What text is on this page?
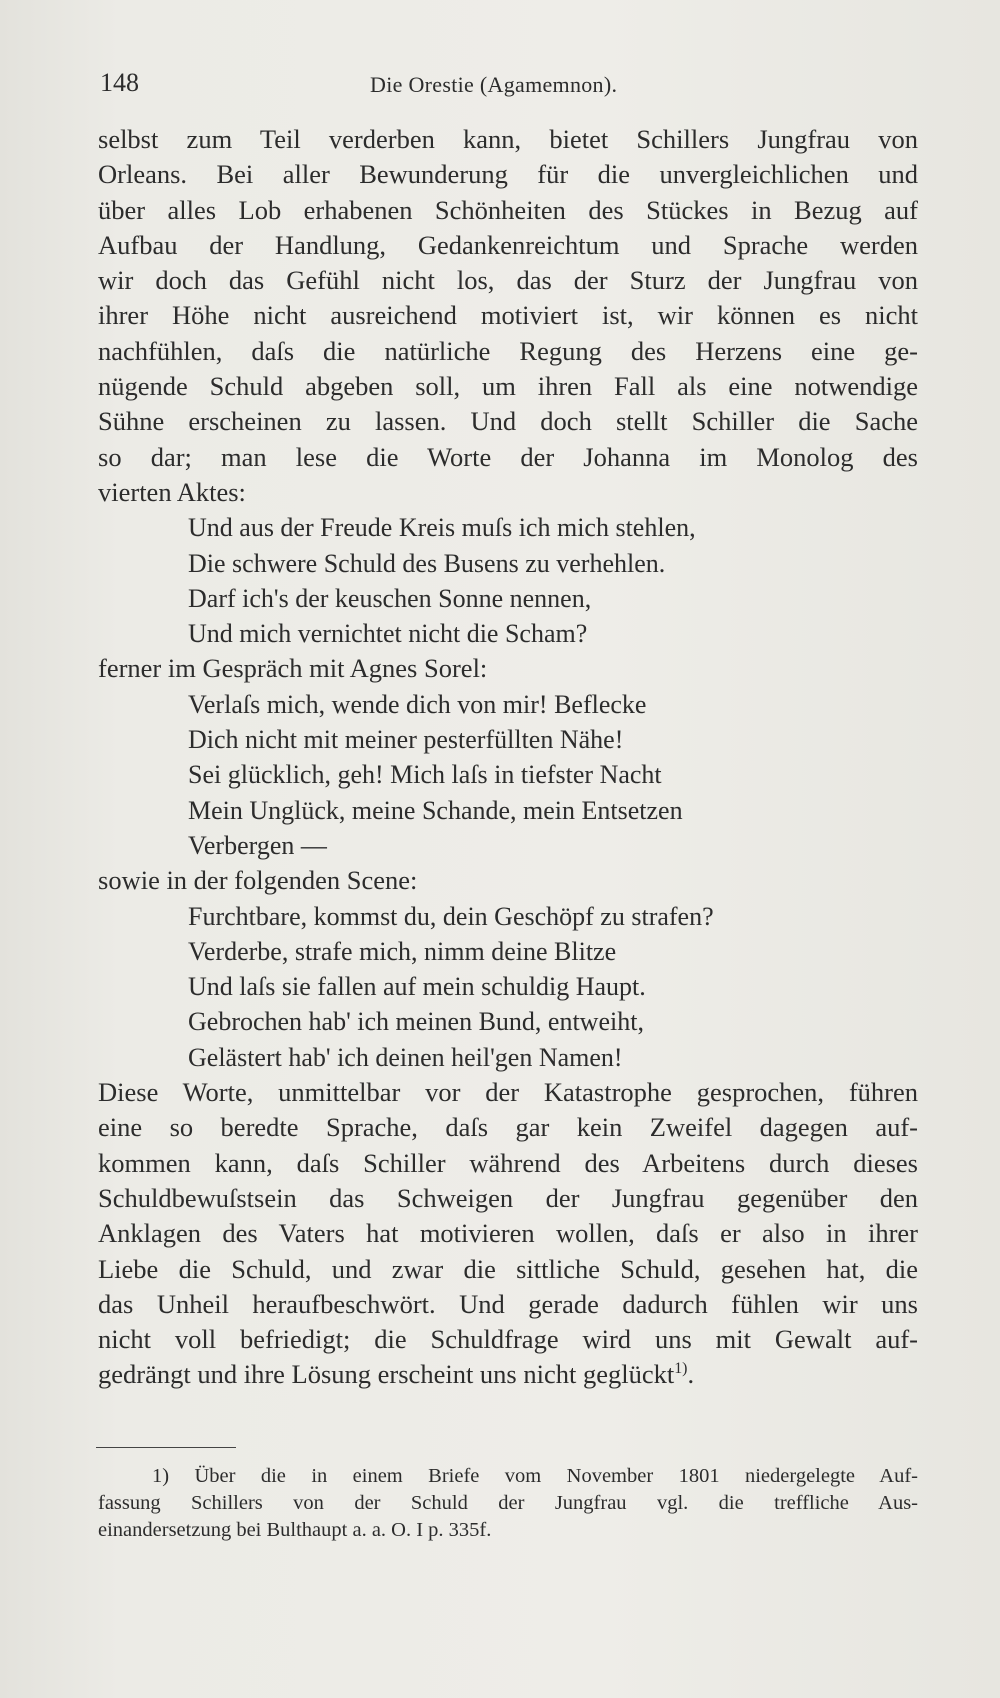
148	Die Orestie (Agamemnon).
selbst zum Teil verderben kann, bietet Schillers Jungfrau von
Orleans. Bei aller Bewunderung für die unvergleichlichen und
über alles Lob erhabenen Schönheiten des Stückes in Bezug auf
Aufbau der Handlung, Gedankenreichtum und Sprache werden
wir doch das Gefühl nicht los, das der Sturz der Jungfrau von
ihrer Höhe nicht ausreichend motiviert ist, wir können es nicht
nachfühlen, daſs die natürliche Regung des Herzens eine ge-
nügende Schuld abgeben soll, um ihren Fall als eine notwendige
Sühne erscheinen zu lassen. Und doch stellt Schiller die Sache
so dar; man lese die Worte der Johanna im Monolog des
vierten Aktes:
Und aus der Freude Kreis muſs ich mich stehlen,
Die schwere Schuld des Busens zu verhehlen.
Darf ich's der keuschen Sonne nennen,
Und mich vernichtet nicht die Scham?
ferner im Gespräch mit Agnes Sorel:
Verlaſs mich, wende dich von mir! Beflecke
Dich nicht mit meiner pesterfüllten Nähe!
Sei glücklich, geh! Mich laſs in tiefster Nacht
Mein Unglück, meine Schande, mein Entsetzen
Verbergen —
sowie in der folgenden Scene:
Furchtbare, kommst du, dein Geschöpf zu strafen?
Verderbe, strafe mich, nimm deine Blitze
Und laſs sie fallen auf mein schuldig Haupt.
Gebrochen hab' ich meinen Bund, entweiht,
Gelästert hab' ich deinen heil'gen Namen!
Diese Worte, unmittelbar vor der Katastrophe gesprochen, führen
eine so beredte Sprache, daſs gar kein Zweifel dagegen auf-
kommen kann, daſs Schiller während des Arbeitens durch dieses
Schuldbewuſstsein das Schweigen der Jungfrau gegenüber den
Anklagen des Vaters hat motivieren wollen, daſs er also in ihrer
Liebe die Schuld, und zwar die sittliche Schuld, gesehen hat, die
das Unheil heraufbeschwört. Und gerade dadurch fühlen wir uns
nicht voll befriedigt; die Schuldfrage wird uns mit Gewalt auf-
gedrängt und ihre Lösung erscheint uns nicht geglückt$^{1)}$.
1) Über die in einem Briefe vom November 1801 niedergelegte Auf-
fassung Schillers von der Schuld der Jungfrau vgl. die treffliche Aus-
einandersetzung bei Bulthaupt a. a. O. I p. 335f.
